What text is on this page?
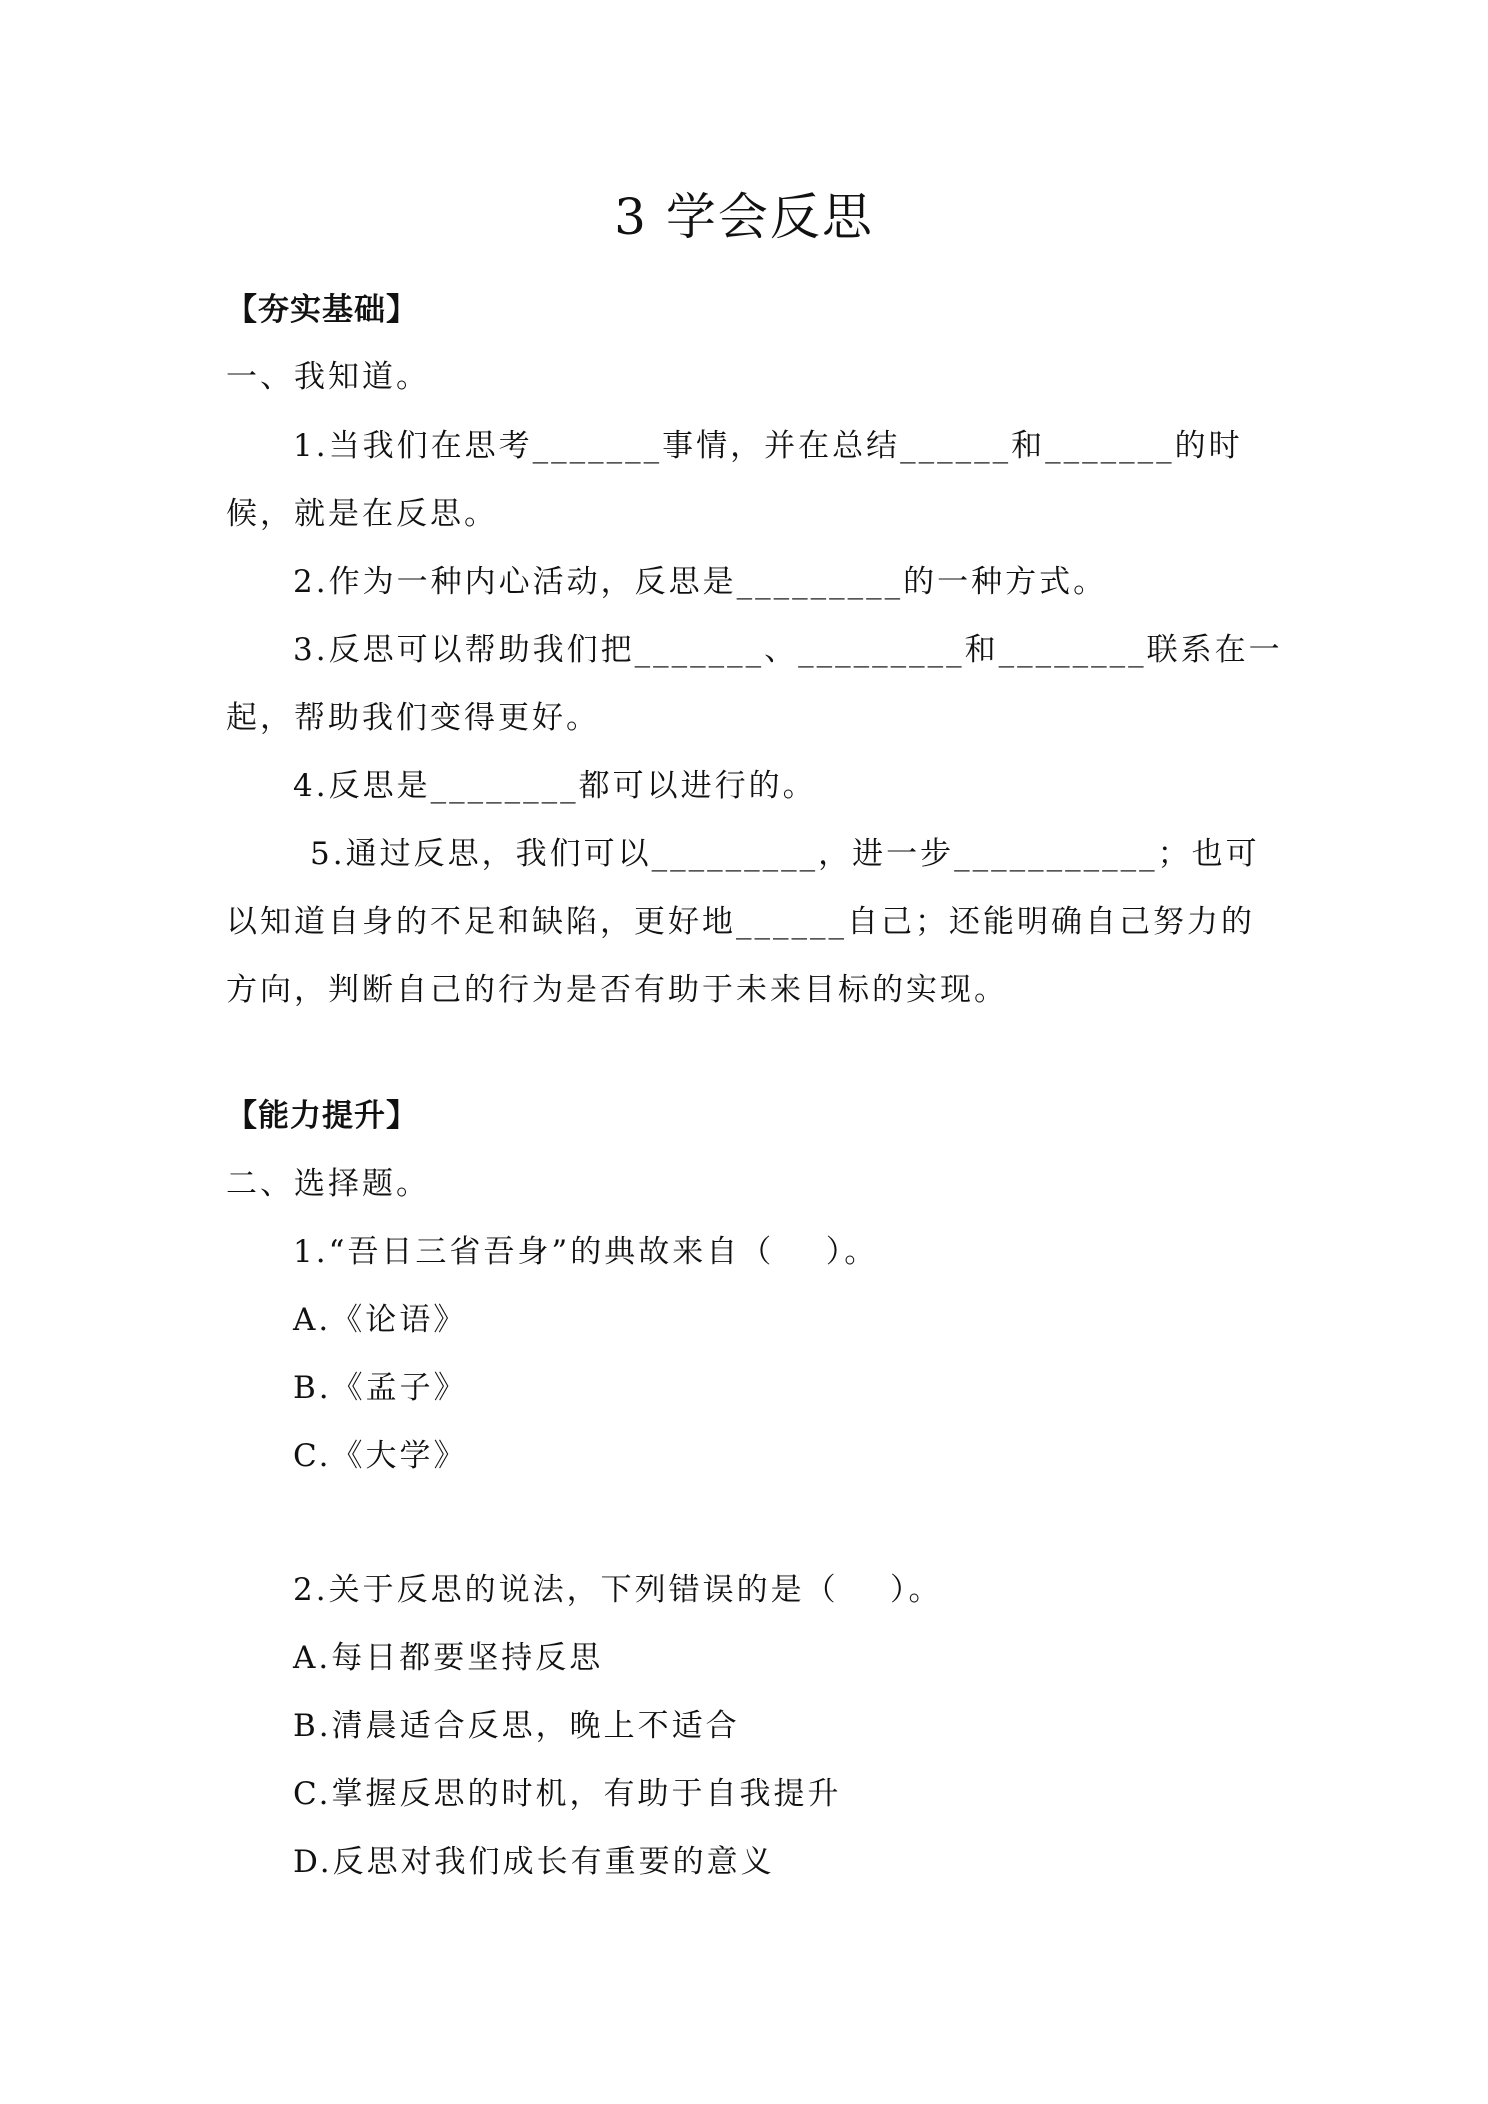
3 学会反思
【夯实基础】
一、我知道。
1.当我们在思考_______事情，并在总结______和_______的时
候，就是在反思。
2.作为一种内心活动，反思是_________的一种方式。
3.反思可以帮助我们把_______、_________和________联系在一
起，帮助我们变得更好。
4.反思是________都可以进行的。
5.通过反思，我们可以_________，进一步___________；也可
以知道自身的不足和缺陷，更好地______自己；还能明确自己努力的
方向，判断自己的行为是否有助于未来目标的实现。
【能力提升】
二、选择题。
1.“吾日三省吾身”的典故来自（    ）。
A.《论语》
B.《孟子》
C.《大学》
2.关于反思的说法，下列错误的是（    ）。
A.每日都要坚持反思
B.清晨适合反思，晚上不适合
C.掌握反思的时机，有助于自我提升
D.反思对我们成长有重要的意义
